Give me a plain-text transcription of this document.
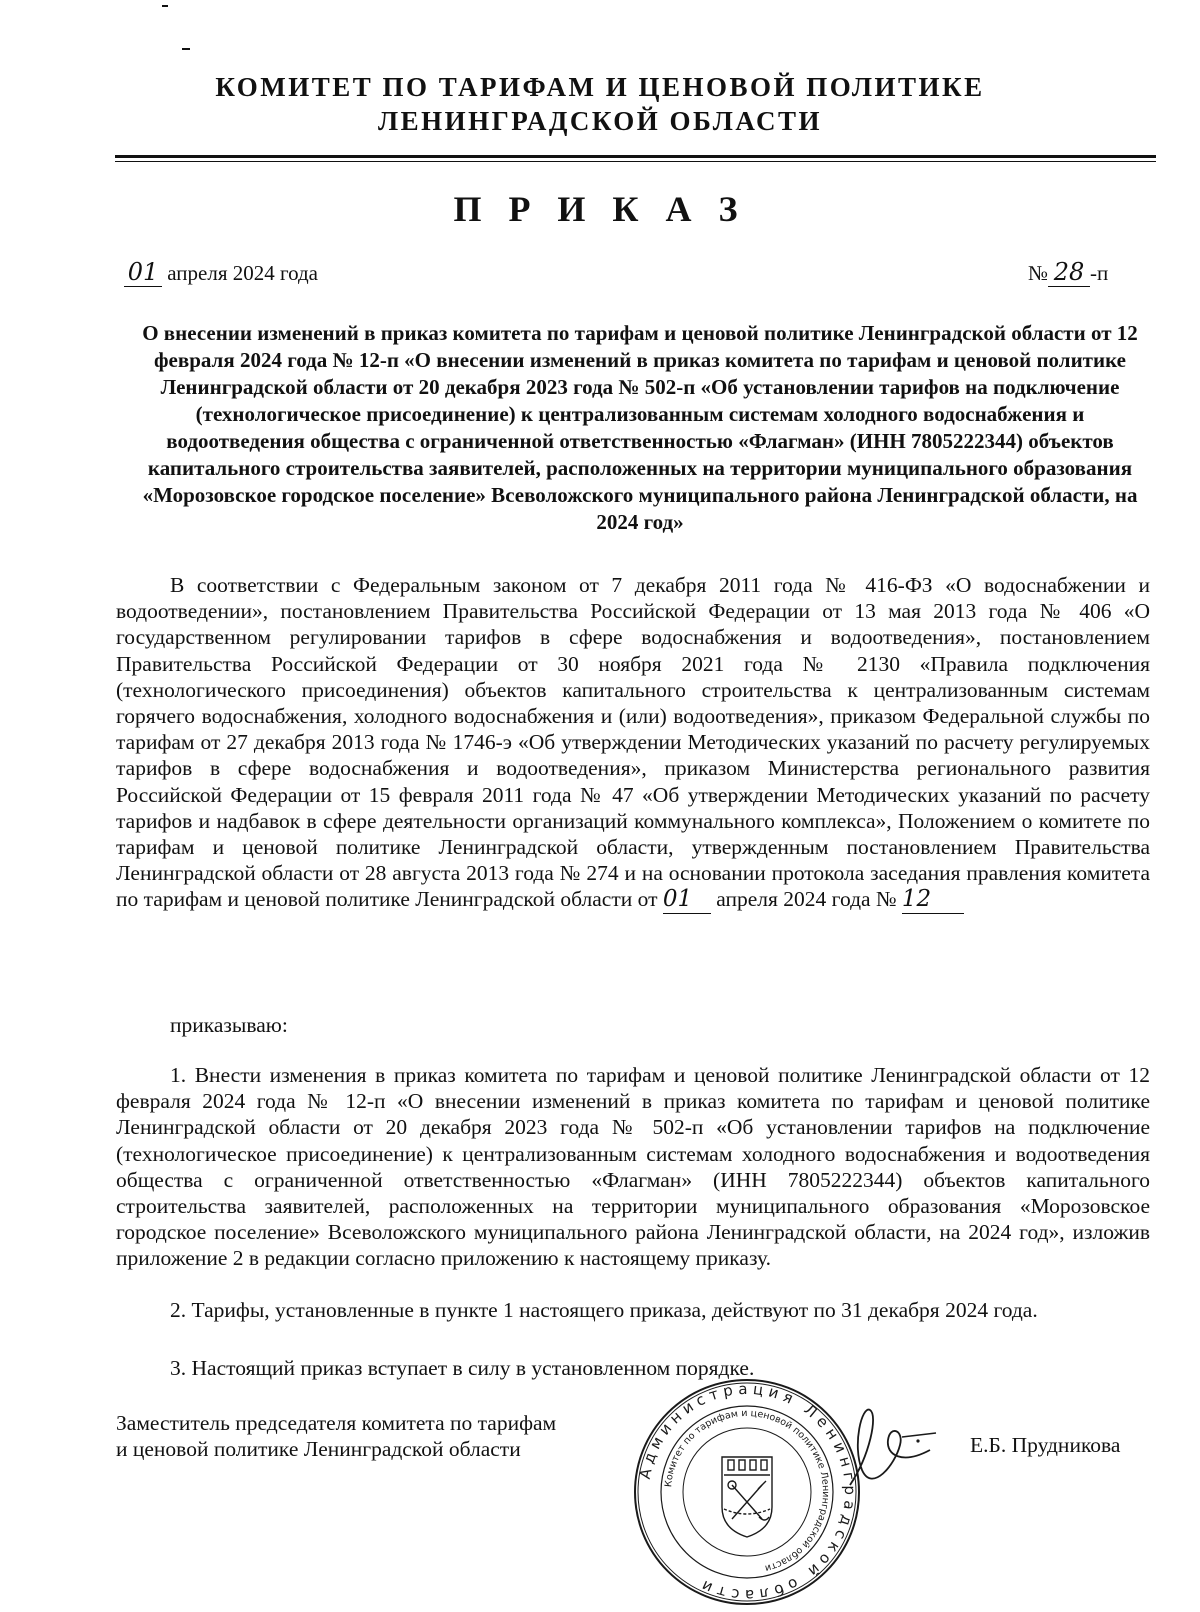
КОМИТЕТ ПО ТАРИФАМ И ЦЕНОВОЙ ПОЛИТИКЕ
ЛЕНИНГРАДСКОЙ ОБЛАСТИ
П Р И К А З
01 апреля 2024 года	№ 28 -п
О внесении изменений в приказ комитета по тарифам и ценовой политике Ленинградской области от 12 февраля 2024 года № 12-п «О внесении изменений в приказ комитета по тарифам и ценовой политике Ленинградской области от 20 декабря 2023 года № 502-п «Об установлении тарифов на подключение (технологическое присоединение) к централизованным системам холодного водоснабжения и водоотведения общества с ограниченной ответственностью «Флагман» (ИНН 7805222344) объектов капитального строительства заявителей, расположенных на территории муниципального образования «Морозовское городское поселение» Всеволожского муниципального района Ленинградской области, на 2024 год»
В соответствии с Федеральным законом от 7 декабря 2011 года № 416-ФЗ «О водоснабжении и водоотведении», постановлением Правительства Российской Федерации от 13 мая 2013 года № 406 «О государственном регулировании тарифов в сфере водоснабжения и водоотведения», постановлением Правительства Российской Федерации от 30 ноября 2021 года № 2130 «Правила подключения (технологического присоединения) объектов капитального строительства к централизованным системам горячего водоснабжения, холодного водоснабжения и (или) водоотведения», приказом Федеральной службы по тарифам от 27 декабря 2013 года № 1746-э «Об утверждении Методических указаний по расчету регулируемых тарифов в сфере водоснабжения и водоотведения», приказом Министерства регионального развития Российской Федерации от 15 февраля 2011 года № 47 «Об утверждении Методических указаний по расчету тарифов и надбавок в сфере деятельности организаций коммунального комплекса», Положением о комитете по тарифам и ценовой политике Ленинградской области, утвержденным постановлением Правительства Ленинградской области от 28 августа 2013 года № 274 и на основании протокола заседания правления комитета по тарифам и ценовой политике Ленинградской области от 01 апреля 2024 года № 12
приказываю:
1. Внести изменения в приказ комитета по тарифам и ценовой политике Ленинградской области от 12 февраля 2024 года № 12-п «О внесении изменений в приказ комитета по тарифам и ценовой политике Ленинградской области от 20 декабря 2023 года № 502-п «Об установлении тарифов на подключение (технологическое присоединение) к централизованным системам холодного водоснабжения и водоотведения общества с ограниченной ответственностью «Флагман» (ИНН 7805222344) объектов капитального строительства заявителей, расположенных на территории муниципального образования «Морозовское городское поселение» Всеволожского муниципального района Ленинградской области, на 2024 год», изложив приложение 2 в редакции согласно приложению к настоящему приказу.
2. Тарифы, установленные в пункте 1 настоящего приказа, действуют по 31 декабря 2024 года.
3. Настоящий приказ вступает в силу в установленном порядке.
Заместитель председателя комитета по тарифам
и ценовой политике Ленинградской области	Е.Б. Прудникова
Администрация Ленинградской области
Комитет по тарифам и ценовой политике Ленинградской области
